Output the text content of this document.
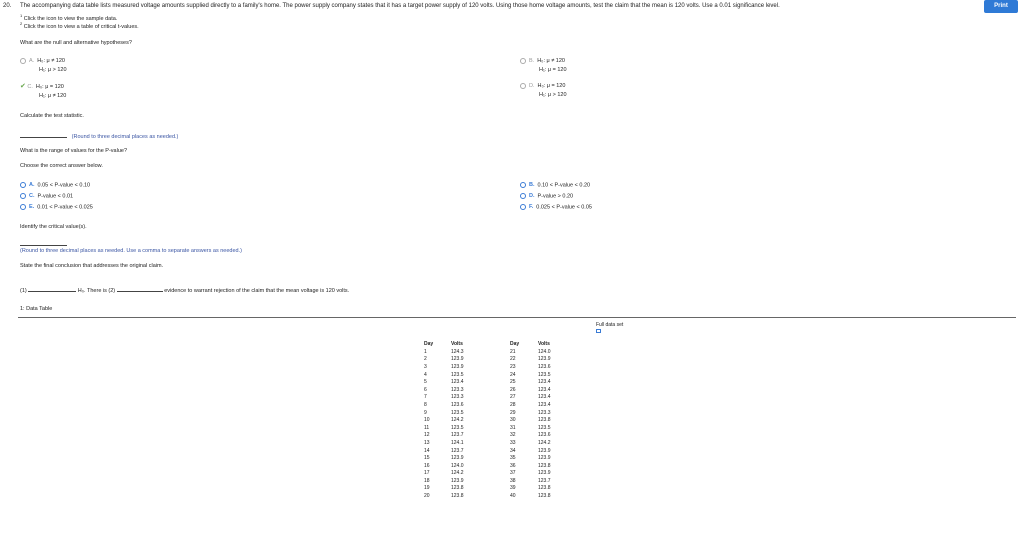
20. The accompanying data table lists measured voltage amounts supplied directly to a family's home. The power supply company states that it has a target power supply of 120 volts. Using those home voltage amounts, test the claim that the mean is 120 volts. Use a 0.01 significance level.	Print
$^1$ Click the icon to view the sample data.
$^2$ Click the icon to view a table of critical t-values.
What are the null and alternative hypotheses?
A. H₀: μ ≠ 120
H₁: μ > 120
✔ C. H₀: μ = 120
H₁: μ ≠ 120
B. H₀: μ ≠ 120
H₁: μ = 120
D. H₀: μ = 120
H₁: μ > 120
Calculate the test statistic.
(Round to three decimal places as needed.)
What is the range of values for the P-value?
Choose the correct answer below.
A. 0.05 < P-value < 0.10
C. P-value < 0.01
E. 0.01 < P-value < 0.025
B. 0.10 < P-value < 0.20
D. P-value > 0.20
F. 0.025 < P-value < 0.05
Identify the critical value(s).
(Round to three decimal places as needed. Use a comma to separate answers as needed.)
State the final conclusion that addresses the original claim.
(1)	H₀. There is (2)	evidence to warrant rejection of the claim that the mean voltage is 120 volts.
1: Data Table
Full data set
Day	Volts
1	124.3
2	123.9
3	123.9
4	123.5
5	123.4
6	123.3
7	123.3
8	123.6
9	123.5
10	124.2
11	123.5
12	123.7
13	124.1
14	123.7
15	123.9
16	124.0
17	124.2
18	123.9
19	123.8
20	123.8
Day	Volts
21	124.0
22	123.9
23	123.6
24	123.5
25	123.4
26	123.4
27	123.4
28	123.4
29	123.3
30	123.8
31	123.5
32	123.6
33	124.2
34	123.9
35	123.9
36	123.8
37	123.9
38	123.7
39	123.8
40	123.8
